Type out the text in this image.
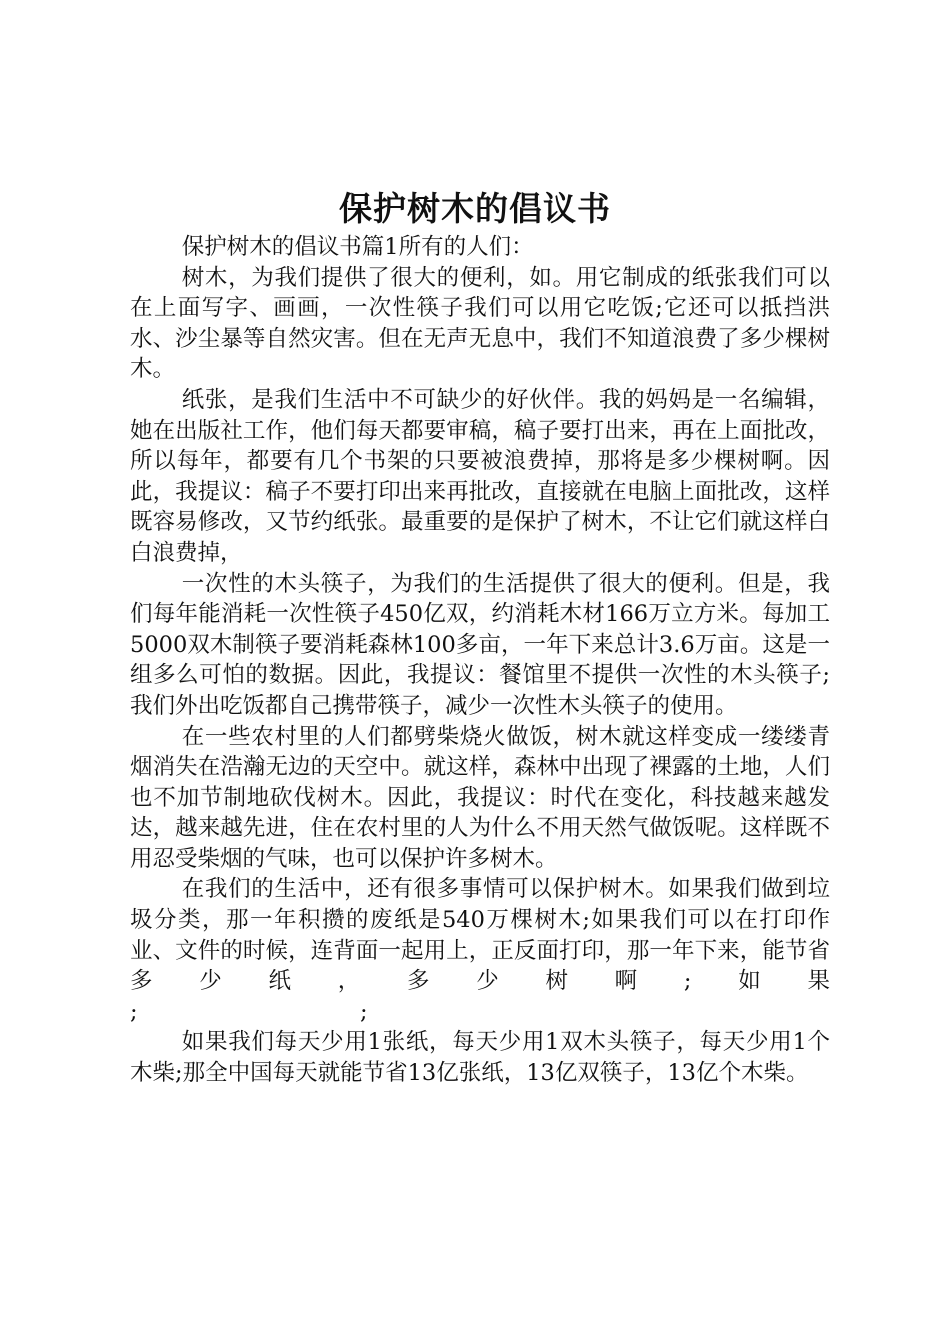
保护树木的倡议书

保护树木的倡议书篇1所有的人们：

树木，为我们提供了很大的便利，如。用它制成的纸张我们可以在上面写字、画画，一次性筷子我们可以用它吃饭;它还可以抵挡洪水、沙尘暴等自然灾害。但在无声无息中，我们不知道浪费了多少棵树木。

纸张，是我们生活中不可缺少的好伙伴。我的妈妈是一名编辑，她在出版社工作，他们每天都要审稿，稿子要打出来，再在上面批改，所以每年，都要有几个书架的只要被浪费掉，那将是多少棵树啊。因此，我提议：稿子不要打印出来再批改，直接就在电脑上面批改，这样既容易修改，又节约纸张。最重要的是保护了树木，不让它们就这样白白浪费掉，

一次性的木头筷子，为我们的生活提供了很大的便利。但是，我们每年能消耗一次性筷子450亿双，约消耗木材166万立方米。每加工5000双木制筷子要消耗森林100多亩，一年下来总计3.6万亩。这是一组多么可怕的数据。因此，我提议：餐馆里不提供一次性的木头筷子;我们外出吃饭都自己携带筷子，减少一次性木头筷子的使用。

在一些农村里的人们都劈柴烧火做饭，树木就这样变成一缕缕青烟消失在浩瀚无边的天空中。就这样，森林中出现了裸露的土地，人们也不加节制地砍伐树木。因此，我提议：时代在变化，科技越来越发达，越来越先进，住在农村里的人为什么不用天然气做饭呢。这样既不用忍受柴烟的气味，也可以保护许多树木。

在我们的生活中，还有很多事情可以保护树木。如果我们做到垃圾分类，那一年积攒的废纸是540万棵树木;如果我们可以在打印作业、文件的时候，连背面一起用上，正反面打印，那一年下来，能节省多少纸，多少树啊;如果

;	;

如果我们每天少用1张纸，每天少用1双木头筷子，每天少用1个木柴;那全中国每天就能节省13亿张纸，13亿双筷子，13亿个木柴。
